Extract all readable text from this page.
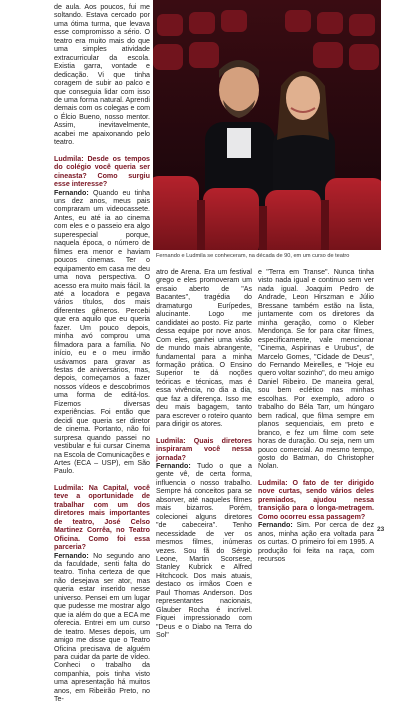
de aula. Aos poucos, fui me soltando. Estava cercado por uma ótima turma, que levava esse compromisso a sério. O teatro era muito mais do que uma simples atividade extracurricular da escola. Existia garra, vontade e dedicação. Vi que tinha coragem de subir ao palco e que conseguia lidar com isso de uma forma natural. Aprendi demais com os colegas e com o Élcio Bueno, nosso mentor. Assim, inevitavelmente, acabei me apaixonando pelo teatro.

Ludmila: Desde os tempos do colégio você queria ser cineasta? Como surgiu esse interesse?

Fernando: Quando eu tinha uns dez anos, meus pais compraram um videocassete. Antes, eu até ia ao cinema com eles e o passeio era algo superespecial porque, naquela época, o número de filmes era menor e haviam poucos cinemas. Ter o equipamento em casa me deu uma nova perspectiva. O acesso era muito mais fácil. Ia até a locadora e pegava vários títulos, dos mais diferentes gêneros. Percebi que era aquilo que eu queria fazer. Um pouco depois, minha avó comprou uma filmadora para a família. No início, eu e o meu irmão usávamos para gravar as festas de aniversários, mas, depois, começamos a fazer nossos vídeos e descobrimos uma forma de editá-los. Fizemos diversas experiências. Foi então que decidi que queria ser diretor de cinema. Portanto, não foi surpresa quando passei no vestibular e fui cursar Cinema na Escola de Comunicações e Artes (ECA – USP), em São Paulo.

Ludmila: Na Capital, você teve a oportunidade de trabalhar com um dos diretores mais importantes de teatro, José Celso Martinez Corrêa, no Teatro Oficina. Como foi essa parceria?

Fernando: No segundo ano da faculdade, senti falta do teatro. Tinha certeza de que não desejava ser ator, mas queria estar inserido nesse universo. Pensei em um lugar que pudesse me mostrar algo que ia além do que a ECA me oferecia. Entrei em um curso de teatro. Meses depois, um amigo me disse que o Teatro Oficina precisava de alguém para cuidar da parte de vídeo. Conheci o trabalho da companhia, pois tinha visto uma apresentação há muitos anos, em Ribeirão Preto, no Te-

Fernando e Ludmila se conheceram, na década de 90, em um curso de teatro

atro de Arena. Era um festival grego e eles promoveram um ensaio aberto de "As Bacantes", tragédia do dramaturgo Eurípedes, alucinante. Logo me candidatei ao posto. Fiz parte dessa equipe por nove anos. Com eles, ganhei uma visão de mundo mais abrangente, fundamental para a minha formação prática. O Ensino Superior te dá noções teóricas e técnicas, mas é essa vivência, no dia a dia, que faz a diferença. Isso me deu mais bagagem, tanto para escrever o roteiro quanto para dirigir os atores.

Ludmila: Quais diretores inspiraram você nessa jornada?

Fernando: Tudo o que a gente vê, de certa forma, influencia o nosso trabalho. Sempre há conceitos para se absorver, até naqueles filmes mais bizarros. Porém, colecionei alguns diretores "de cabeceira". Tenho necessidade de ver os mesmos filmes, inúmeras vezes. Sou fã do Sérgio Leone, Martin Scorsese, Stanley Kubrick e Alfred Hitchcock. Dos mais atuais, destaco os irmãos Coen e Paul Thomas Anderson. Dos representantes nacionais, Glauber Rocha é incrível. Fiquei impressionado com "Deus e o Diabo na Terra do Sol"

e "Terra em Transe". Nunca tinha visto nada igual e continuo sem ver nada igual. Joaquim Pedro de Andrade, Leon Hirszman e Júlio Bressane também estão na lista, juntamente com os diretores da minha geração, como o Kleber Mendonça. Se for para citar filmes, especificamente, vale mencionar "Cinema, Aspirinas e Urubus", de Marcelo Gomes, "Cidade de Deus", do Fernando Meirelles, e "Hoje eu quero voltar sozinho", do meu amigo Daniel Ribeiro. De maneira geral, sou bem eclético nas minhas escolhas. Por exemplo, adoro o trabalho do Béla Tarr, um húngaro bem radical, que filma sempre em planos sequenciais, em preto e branco, e fez um filme com sete horas de duração. Ou seja, nem um pouco comercial. Ao mesmo tempo, gosto do Batman, do Christopher Nolan.

Ludmila: O fato de ter dirigido nove curtas, sendo vários deles premiados, ajudou nessa transição para o longa-metragem. Como ocorreu essa passagem?

Fernando: Sim. Por cerca de dez anos, minha ação era voltada para os curtas. O primeiro foi em 1995. A produção foi feita na raça, com recursos

23
